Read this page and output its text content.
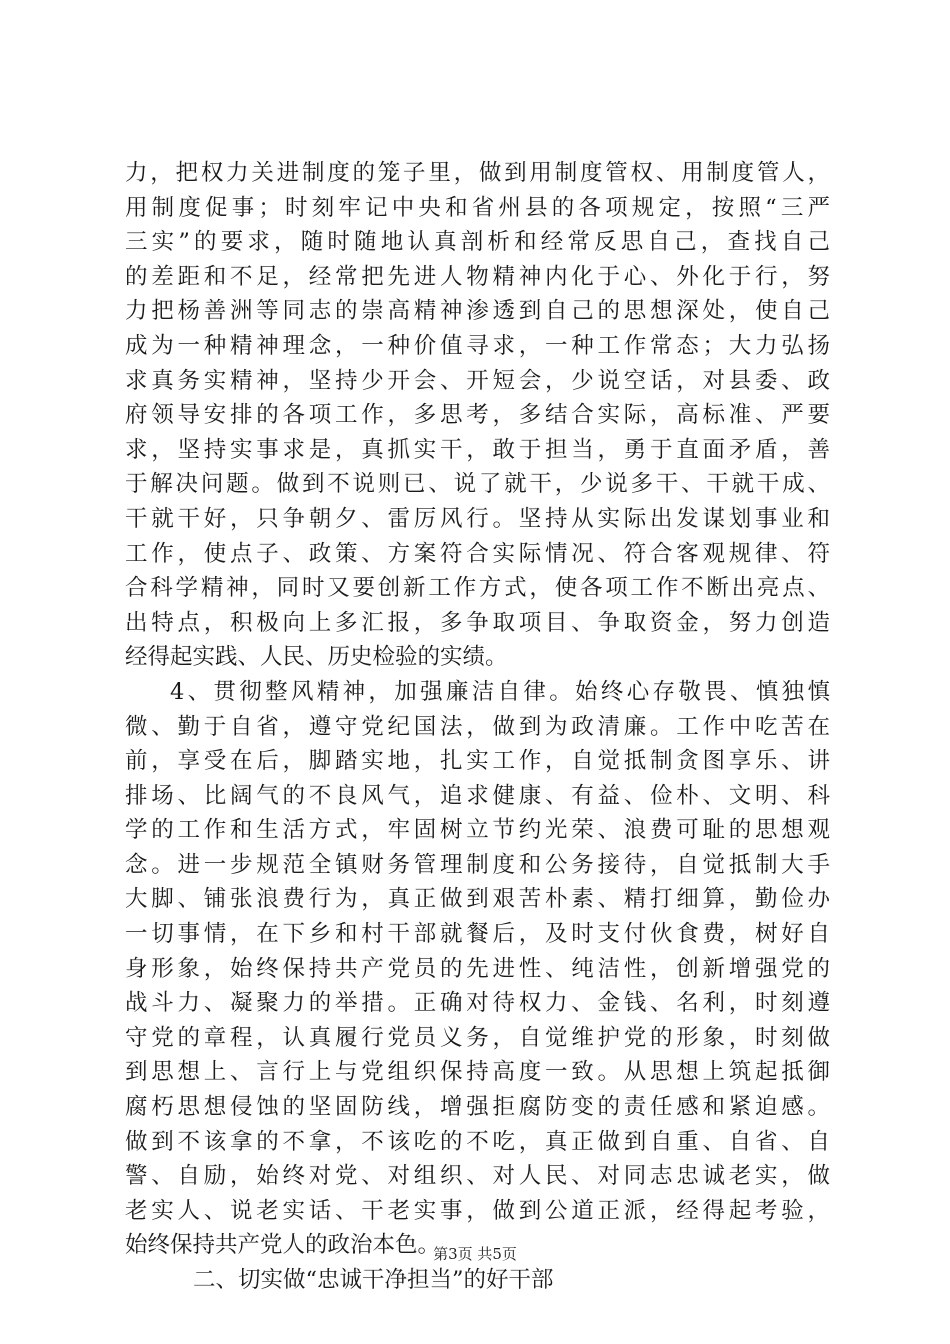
力，把权力关进制度的笼子里，做到用制度管权、用制度管人，
用制度促事；时刻牢记中央和省州县的各项规定，按照“三严
三实”的要求，随时随地认真剖析和经常反思自己，查找自己
的差距和不足，经常把先进人物精神内化于心、外化于行，努
力把杨善洲等同志的崇高精神渗透到自己的思想深处，使自己
成为一种精神理念，一种价值寻求，一种工作常态；大力弘扬
求真务实精神，坚持少开会、开短会，少说空话，对县委、政
府领导安排的各项工作，多思考，多结合实际，高标准、严要
求，坚持实事求是，真抓实干，敢于担当，勇于直面矛盾，善
于解决问题。做到不说则已、说了就干，少说多干、干就干成、
干就干好，只争朝夕、雷厉风行。坚持从实际出发谋划事业和
工作，使点子、政策、方案符合实际情况、符合客观规律、符
合科学精神，同时又要创新工作方式，使各项工作不断出亮点、
出特点，积极向上多汇报，多争取项目、争取资金，努力创造
经得起实践、人民、历史检验的实绩。
4、贯彻整风精神，加强廉洁自律。始终心存敬畏、慎独慎
微、勤于自省，遵守党纪国法，做到为政清廉。工作中吃苦在
前，享受在后，脚踏实地，扎实工作，自觉抵制贪图享乐、讲
排场、比阔气的不良风气，追求健康、有益、俭朴、文明、科
学的工作和生活方式，牢固树立节约光荣、浪费可耻的思想观
念。进一步规范全镇财务管理制度和公务接待，自觉抵制大手
大脚、铺张浪费行为，真正做到艰苦朴素、精打细算，勤俭办
一切事情，在下乡和村干部就餐后，及时支付伙食费，树好自
身形象，始终保持共产党员的先进性、纯洁性，创新增强党的
战斗力、凝聚力的举措。正确对待权力、金钱、名利，时刻遵
守党的章程，认真履行党员义务，自觉维护党的形象，时刻做
到思想上、言行上与党组织保持高度一致。从思想上筑起抵御
腐朽思想侵蚀的坚固防线，增强拒腐防变的责任感和紧迫感。
做到不该拿的不拿，不该吃的不吃，真正做到自重、自省、自
警、自励，始终对党、对组织、对人民、对同志忠诚老实，做
老实人、说老实话、干老实事，做到公道正派，经得起考验，
始终保持共产党人的政治本色。
二、切实做“忠诚干净担当”的好干部
第3页 共5页
